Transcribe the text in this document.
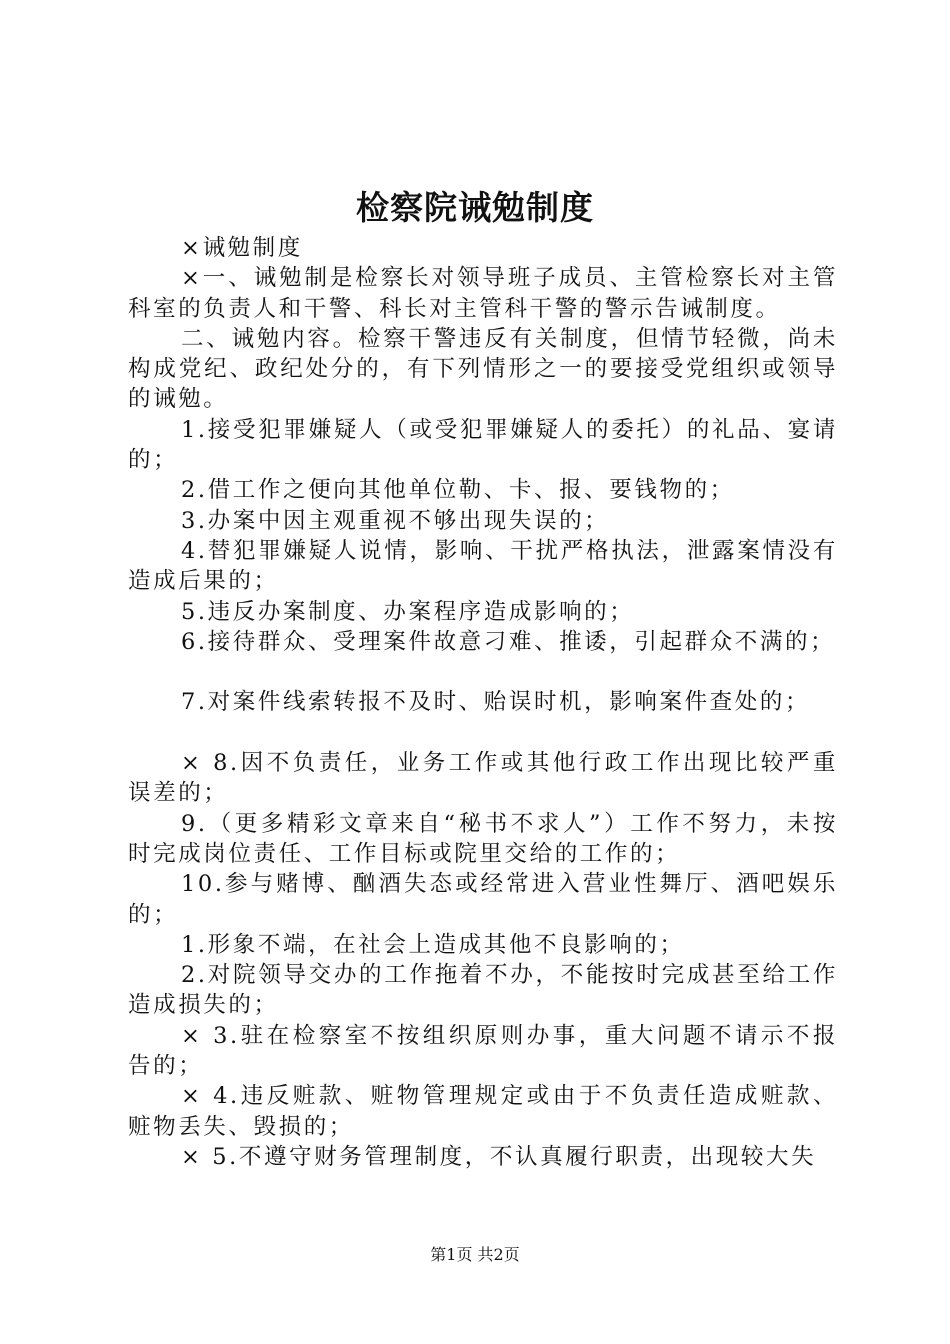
检察院诫勉制度

×诫勉制度

×一、诫勉制是检察长对领导班子成员、主管检察长对主管科室的负责人和干警、科长对主管科干警的警示告诫制度。

二、诫勉内容。检察干警违反有关制度，但情节轻微，尚未构成党纪、政纪处分的，有下列情形之一的要接受党组织或领导的诫勉。

1.接受犯罪嫌疑人（或受犯罪嫌疑人的委托）的礼品、宴请的；

2.借工作之便向其他单位勒、卡、报、要钱物的；

3.办案中因主观重视不够出现失误的；

4.替犯罪嫌疑人说情，影响、干扰严格执法，泄露案情没有造成后果的；

5.违反办案制度、办案程序造成影响的；

6.接待群众、受理案件故意刁难、推诿，引起群众不满的；

7.对案件线索转报不及时、贻误时机，影响案件查处的；

× 8.因不负责任，业务工作或其他行政工作出现比较严重误差的；

9.（更多精彩文章来自“秘书不求人”）工作不努力，未按时完成岗位责任、工作目标或院里交给的工作的；

10.参与赌博、酗酒失态或经常进入营业性舞厅、酒吧娱乐的；

1.形象不端，在社会上造成其他不良影响的；

2.对院领导交办的工作拖着不办，不能按时完成甚至给工作造成损失的；

× 3.驻在检察室不按组织原则办事，重大问题不请示不报告的；

× 4.违反赃款、赃物管理规定或由于不负责任造成赃款、赃物丢失、毁损的；

× 5.不遵守财务管理制度，不认真履行职责，出现较大失

第1页 共2页
